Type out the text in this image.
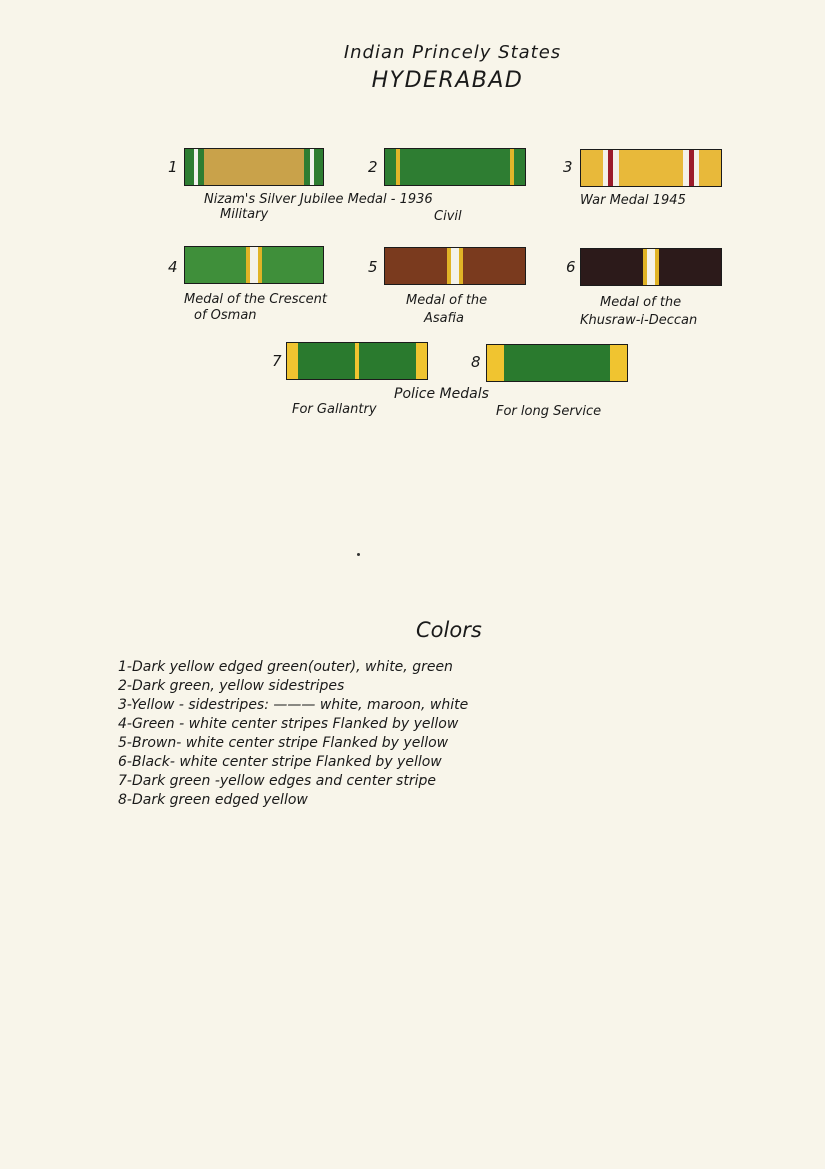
Indian Princely States
HYDERABAD
1	2	3
Nizam's Silver Jubilee Medal - 1936
Military	Civil
War Medal 1945
4	5	6
Medal of the Crescent
of Osman
Medal of the
Asafia
Medal of the
Khusraw-i-Deccan
7	8
Police Medals
For Gallantry	For long Service
Colors
1-Dark yellow edged green(outer), white, green
2-Dark green, yellow sidestripes
3-Yellow - sidestripes: ——— white, maroon, white
4-Green - white center stripes Flanked by yellow
5-Brown- white center stripe Flanked by yellow
6-Black- white center stripe Flanked by yellow
7-Dark green -yellow edges and center stripe
8-Dark green edged yellow
